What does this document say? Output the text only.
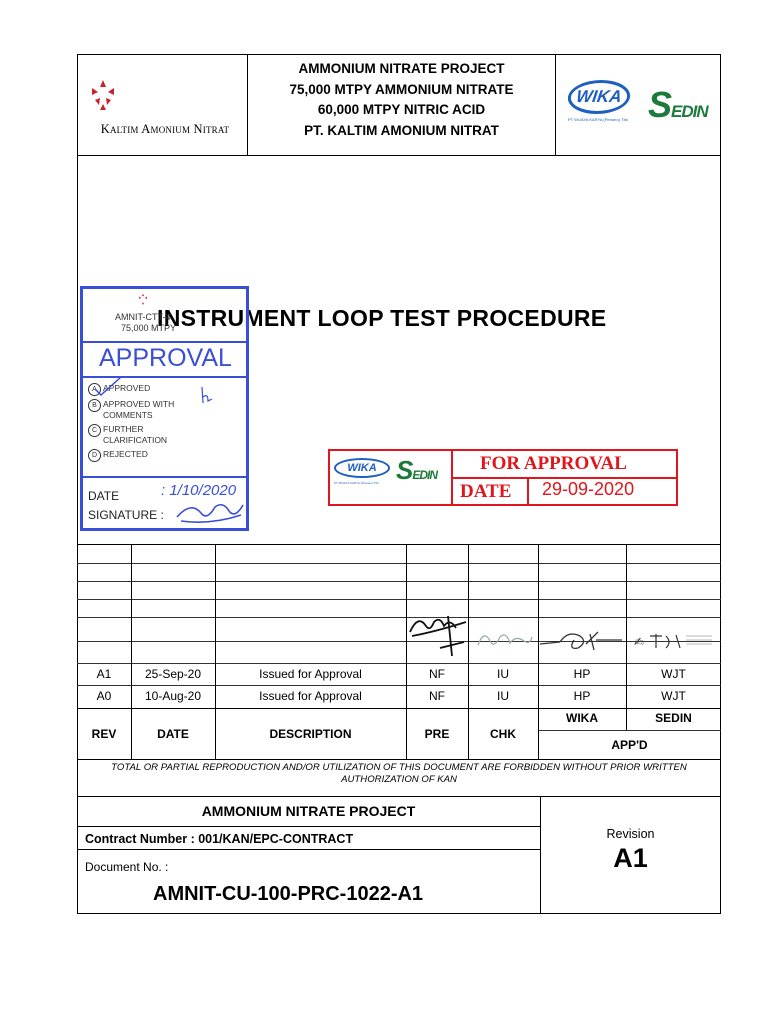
Kaltim Amonium Nitrat
AMMONIUM NITRATE PROJECT
75,000 MTPY AMMONIUM NITRATE
60,000 MTPY NITRIC ACID
PT. KALTIM AMONIUM NITRAT
WIKA
PT WIJAYA KARYA (Persero) Tbk SEDIN
INSTRUMENT LOOP TEST PROCEDURE
AMNIT-CTT-4
75,000 MTPY
APPROVAL
A APPROVED
B APPROVED WITH COMMENTS
C FURTHER CLARIFICATION
D REJECTED
DATE	: 1/10/2020
SIGNATURE :
WIKA
PT WIJAYA KARYA (Persero) Tbk SEDIN
FOR APPROVAL
DATE 29-09-2020
✍
A1	25-Sep-20	Issued for Approval	NF	IU	HP	WJT
A0	10-Aug-20	Issued for Approval	NF	IU	HP	WJT
REV	DATE	DESCRIPTION	PRE	CHK
WIKA	SEDIN
APP'D
TOTAL OR PARTIAL REPRODUCTION AND/OR UTILIZATION OF THIS DOCUMENT ARE FORBIDDEN WITHOUT PRIOR WRITTEN AUTHORIZATION OF KAN
AMMONIUM NITRATE PROJECT
Contract Number : 001/KAN/EPC-CONTRACT
Document No. :
AMNIT-CU-100-PRC-1022-A1
Revision
A1
